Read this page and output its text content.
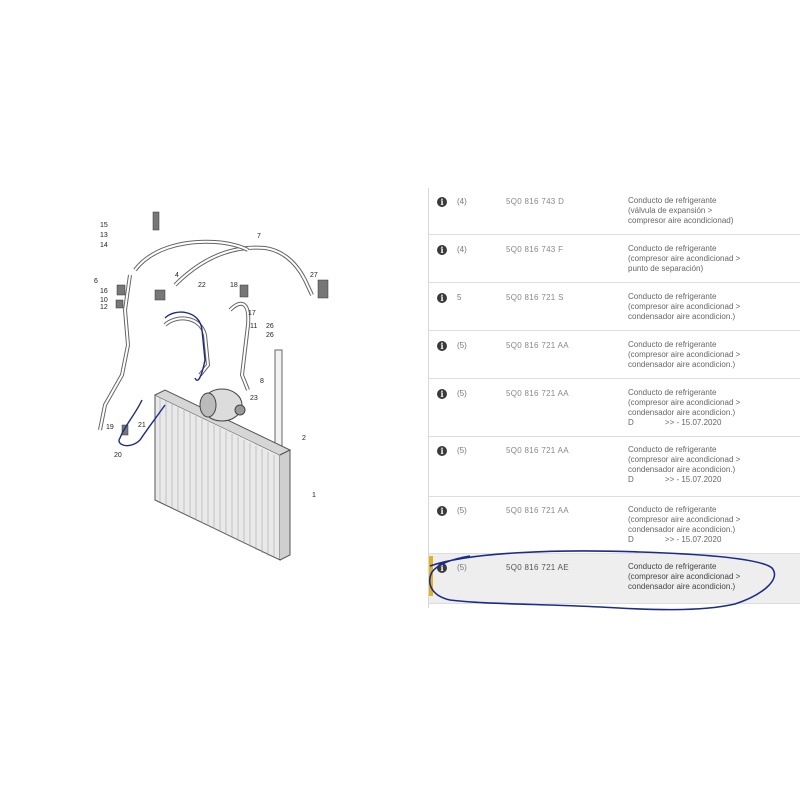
15
13
14
7
6
16
10
12
4
22	18
27
11 26
26
17
8
23
19	21
20
2
1
i	(4)	5Q0 816 743 D	Conducto de refrigerante
(válvula de expansión >
compresor aire acondicionad)
i	(4)	5Q0 816 743 F	Conducto de refrigerante
(compresor aire acondicionad >
punto de separación)
i	5	5Q0 816 721 S	Conducto de refrigerante
(compresor aire acondicionad >
condensador aire acondicion.)
i	(5)	5Q0 816 721 AA	Conducto de refrigerante
(compresor aire acondicionad >
condensador aire acondicion.)
i	(5)	5Q0 816 721 AA	Conducto de refrigerante
(compresor aire acondicionad >
condensador aire acondicion.)
D              >> - 15.07.2020
i	(5)	5Q0 816 721 AA	Conducto de refrigerante
(compresor aire acondicionad >
condensador aire acondicion.)
D              >> - 15.07.2020
i	(5)	5Q0 816 721 AA	Conducto de refrigerante
(compresor aire acondicionad >
condensador aire acondicion.)
D              >> - 15.07.2020
i	(5)	5Q0 816 721 AE	Conducto de refrigerante
(compresor aire acondicionad >
condensador aire acondicion.)
